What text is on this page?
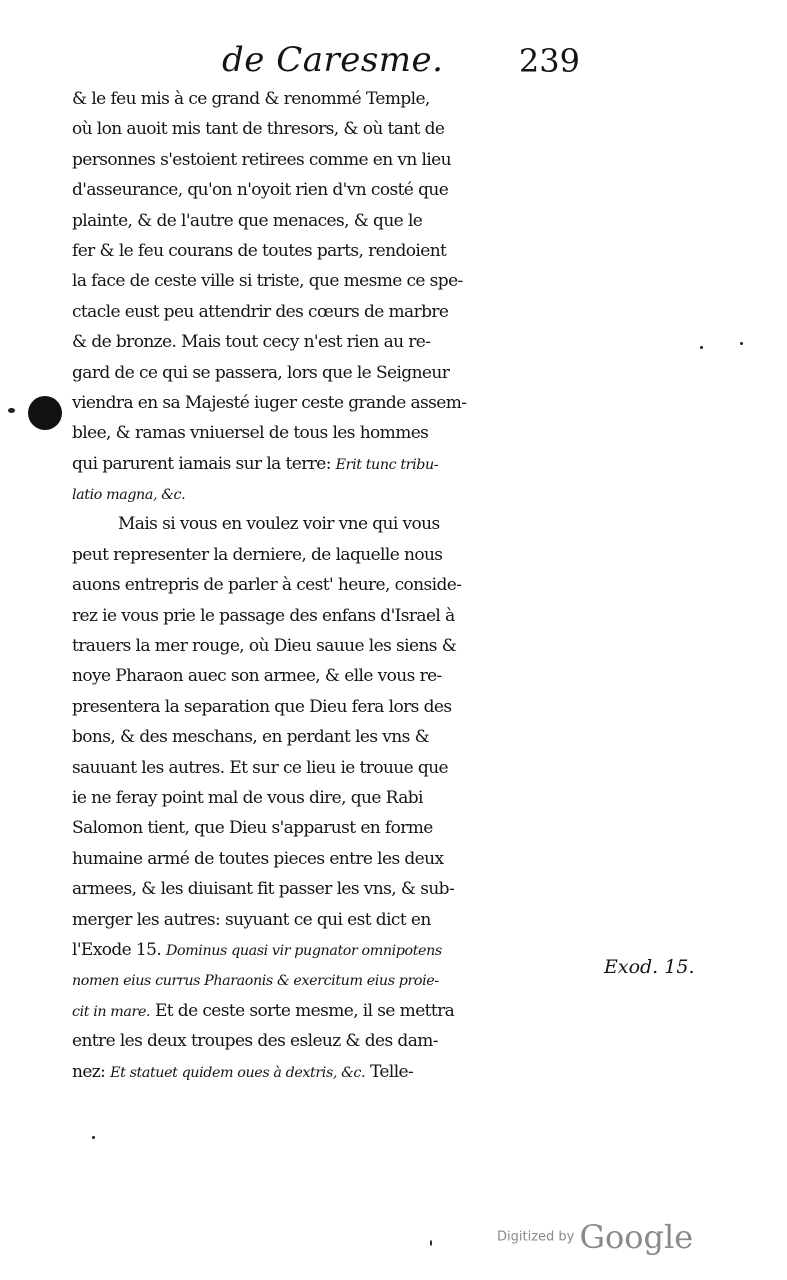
de Caresme. 239
& le feu mis à ce grand & renommé Temple,
où lon auoit mis tant de thresors, & où tant de
personnes s'estoient retirees comme en vn lieu
d'asseurance, qu'on n'oyoit rien d'vn costé que
plainte, & de l'autre que menaces, & que le
fer & le feu courans de toutes parts, rendoient
la face de ceste ville si triste, que mesme ce spe-
ctacle eust peu attendrir des cœurs de marbre
& de bronze. Mais tout cecy n'est rien au re-
gard de ce qui se passera, lors que le Seigneur
viendra en sa Majesté iuger ceste grande assem-
blee, & ramas vniuersel de tous les hommes
qui parurent iamais sur la terre: Erit tunc tribu-
latio magna, &c.
Mais si vous en voulez voir vne qui vous
peut representer la derniere, de laquelle nous
auons entrepris de parler à cest' heure, conside-
rez ie vous prie le passage des enfans d'Israel à
trauers la mer rouge, où Dieu sauue les siens &
noye Pharaon auec son armee, & elle vous re-
presentera la separation que Dieu fera lors des
bons, & des meschans, en perdant les vns &
sauuant les autres. Et sur ce lieu ie trouue que
ie ne feray point mal de vous dire, que Rabi
Salomon tient, que Dieu s'apparust en forme
humaine armé de toutes pieces entre les deux
armees, & les diuisant fit passer les vns, & sub-
merger les autres: suyuant ce qui est dict en
l'Exode 15. Dominus quasi vir pugnator omnipotens
nomen eius currus Pharaonis & exercitum eius proie-
cit in mare. Et de ceste sorte mesme, il se mettra
entre les deux troupes des esleuz & des dam-
nez: Et statuet quidem oues à dextris, &c. Telle-
Exod. 15.
Digitized by Google
